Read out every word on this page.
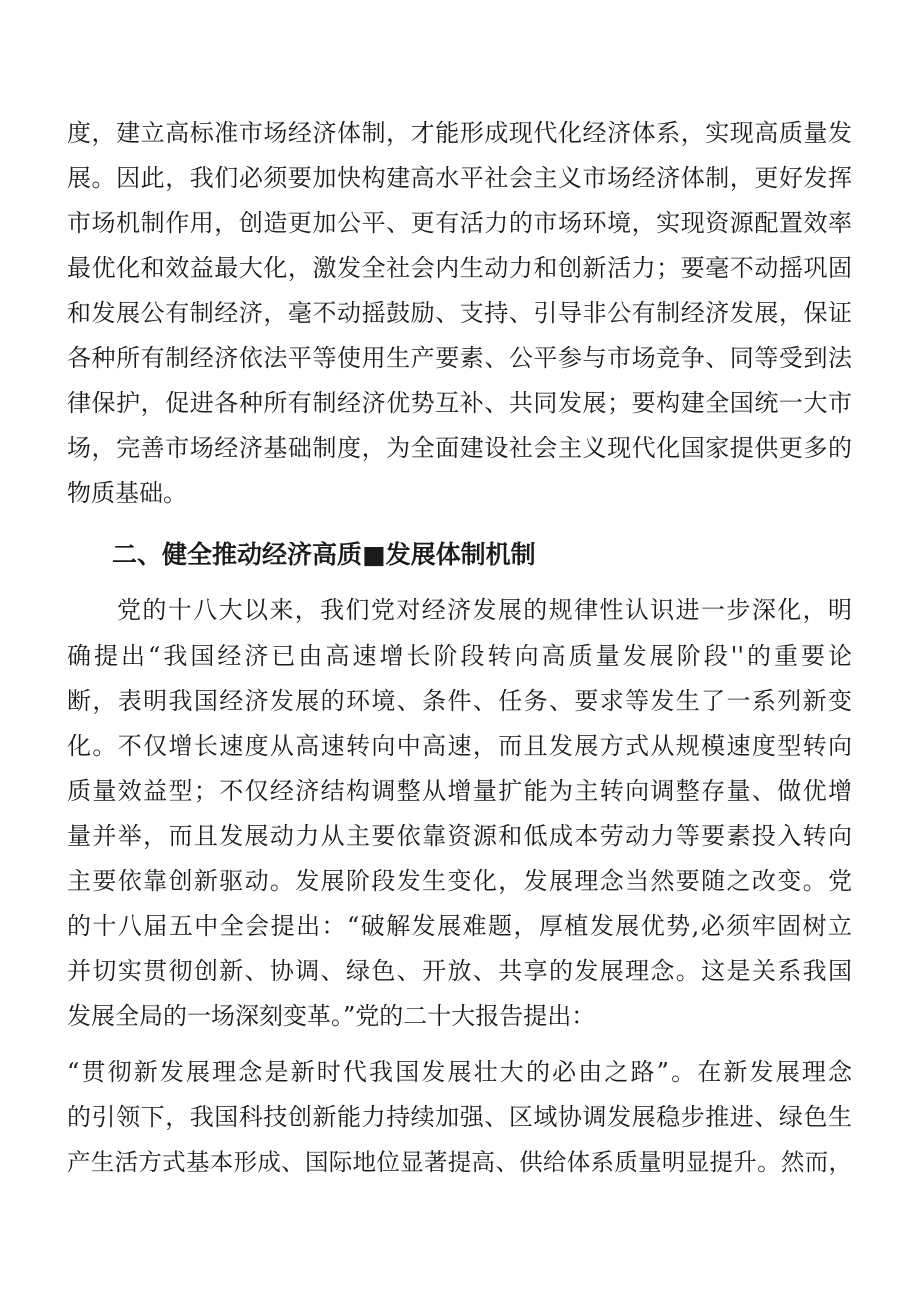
度，建立高标准市场经济体制，才能形成现代化经济体系，实现高质量发
展。因此，我们必须要加快构建高水平社会主义市场经济体制，更好发挥
市场机制作用，创造更加公平、更有活力的市场环境，实现资源配置效率
最优化和效益最大化，激发全社会内生动力和创新活力；要毫不动摇巩固
和发展公有制经济，毫不动摇鼓励、支持、引导非公有制经济发展，保证
各种所有制经济依法平等使用生产要素、公平参与市场竞争、同等受到法
律保护，促进各种所有制经济优势互补、共同发展；要构建全国统一大市
场，完善市场经济基础制度，为全面建设社会主义现代化国家提供更多的
物质基础。
二、健全推动经济高质■发展体制机制
党的十八大以来，我们党对经济发展的规律性认识进一步深化，明
确提出“我国经济已由高速增长阶段转向高质量发展阶段''的重要论
断，表明我国经济发展的环境、条件、任务、要求等发生了一系列新变
化。不仅增长速度从高速转向中高速，而且发展方式从规模速度型转向
质量效益型；不仅经济结构调整从增量扩能为主转向调整存量、做优增
量并举，而且发展动力从主要依靠资源和低成本劳动力等要素投入转向
主要依靠创新驱动。发展阶段发生变化，发展理念当然要随之改变。党
的十八届五中全会提出：“破解发展难题，厚植发展优势,必须牢固树立
并切实贯彻创新、协调、绿色、开放、共享的发展理念。这是关系我国
发展全局的一场深刻变革。”党的二十大报告提出：
“贯彻新发展理念是新时代我国发展壮大的必由之路”。在新发展理念
的引领下，我国科技创新能力持续加强、区域协调发展稳步推进、绿色生
产生活方式基本形成、国际地位显著提高、供给体系质量明显提升。然而，
